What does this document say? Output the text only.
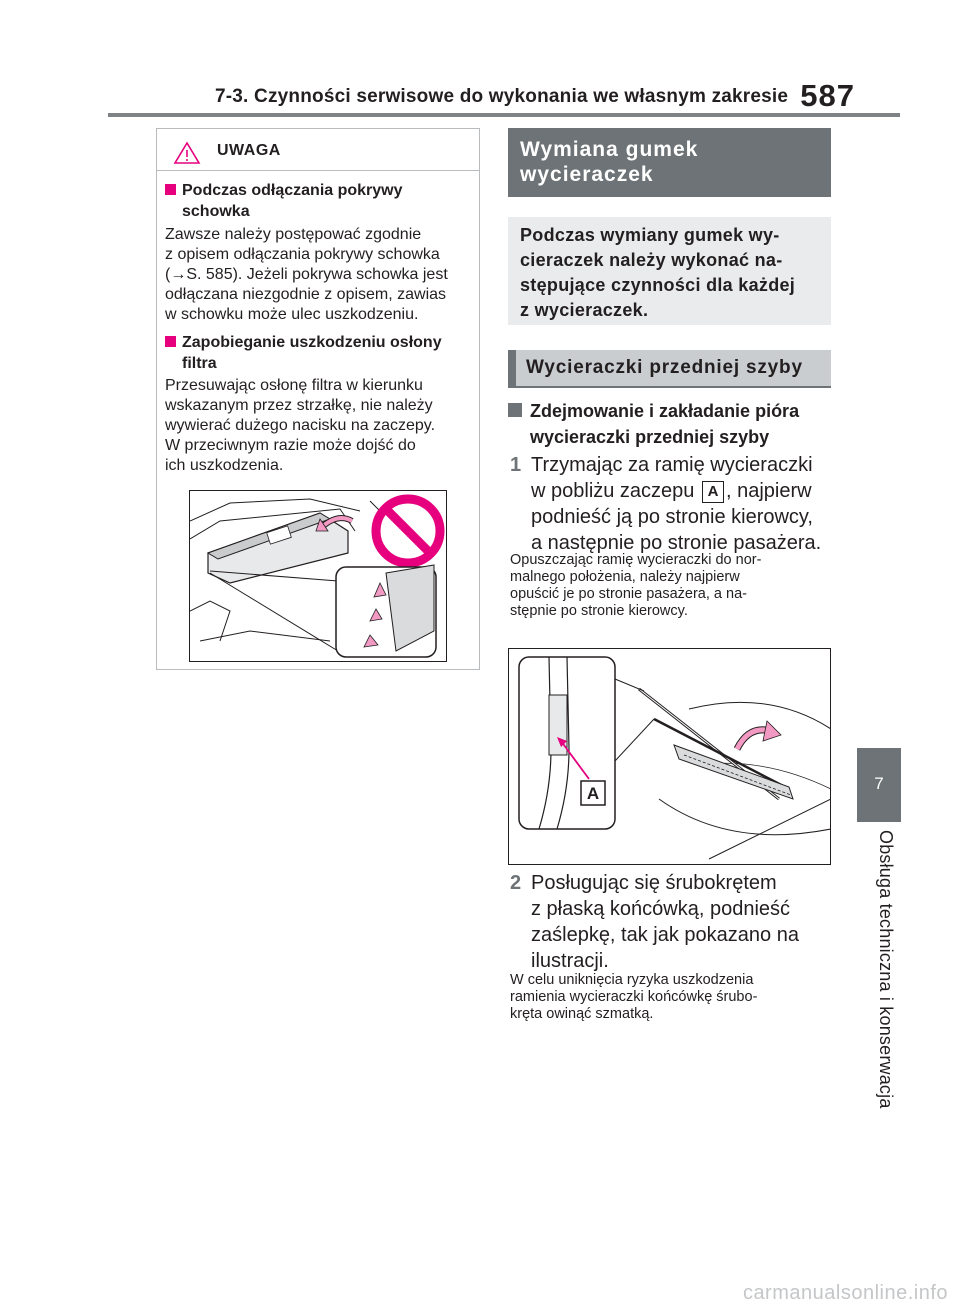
7-3. Czynności serwisowe do wykonania we własnym zakresie 587
7
Obsługa techniczna i konserwacja
UWAGA
Podczas odłączania pokrywy
schowka
Zawsze należy postępować zgodnie
z opisem odłączania pokrywy schowka
(→S. 585). Jeżeli pokrywa schowka jest
odłączana niezgodnie z opisem, zawias
w schowku może ulec uszkodzeniu.
Zapobieganie uszkodzeniu osłony
filtra
Przesuwając osłonę filtra w kierunku
wskazanym przez strzałkę, nie należy
wywierać dużego nacisku na zaczepy.
W przeciwnym razie może dojść do
ich uszkodzenia.
Wymiana gumek
wycieraczek
Podczas wymiany gumek wy-
cieraczek należy wykonać na-
stępujące czynności dla każdej
z wycieraczek.
Wycieraczki przedniej szyby
Zdejmowanie i zakładanie pióra
wycieraczki przedniej szyby
1 Trzymając za ramię wycieraczki
w pobliżu zaczepu A , najpierw
podnieść ją po stronie kierowcy,
a następnie po stronie pasażera.
Opuszczając ramię wycieraczki do nor-
malnego położenia, należy najpierw
opuścić je po stronie pasażera, a na-
stępnie po stronie kierowcy.
A
2 Posługując się śrubokrętem
z płaską końcówką, podnieść
zaślepkę, tak jak pokazano na
ilustracji.
W celu uniknięcia ryzyka uszkodzenia
ramienia wycieraczki końcówkę śrubo-
kręta owinąć szmatką.
carmanualsonline.info
